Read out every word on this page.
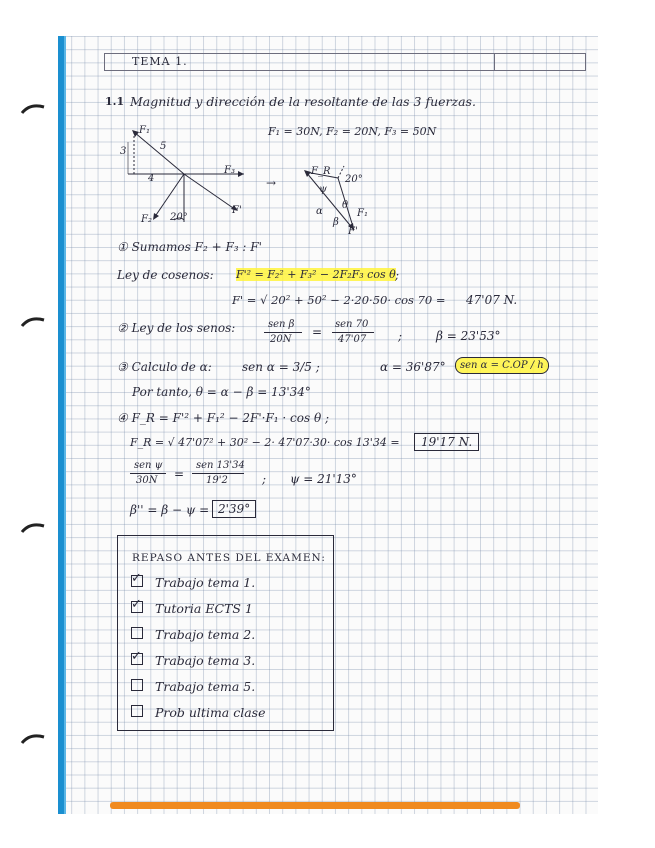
TEMA 1.
1.1 Magnitud y dirección de la resoltante de las 3 fuerzas.
F₁ = 30N, F₂ = 20N, F₃ = 50N
F₁
F₃
F₂
F'
3
4
5
20°
→
F_R
20°
ψ
θ
α
β
F₁
F'
① Sumamos F₂ + F₃ : F'
Ley de cosenos: F'² = F₂² + F₃² − 2F₂F₃ cos θ ;
F' = √ 20² + 50² − 2·20·50· cos 70 = 47'07 N.
② Ley de los senos:	sen β
20N
=
sen 70
47'07	;	β = 23'53°
③ Calculo de α:	sen α = 3/5 ;	α = 36'87°	sen α = C.OP / h
Por tanto, θ = α − β = 13'34°
④ F_R = F'² + F₁² − 2F'·F₁ · cos θ ;
F_R = √ 47'07² + 30² − 2· 47'07·30· cos 13'34 =	19'17 N.
sen ψ
30N =
sen 13'34
19'2	; ψ = 21'13°
β'' = β − ψ = 2'39°
REPASO ANTES DEL EXAMEN:
✓ Trabajo tema 1.
✓ Tutoria ECTS 1
Trabajo tema 2.
✓ Trabajo tema 3.
Trabajo tema 5.
Prob ultima clase
